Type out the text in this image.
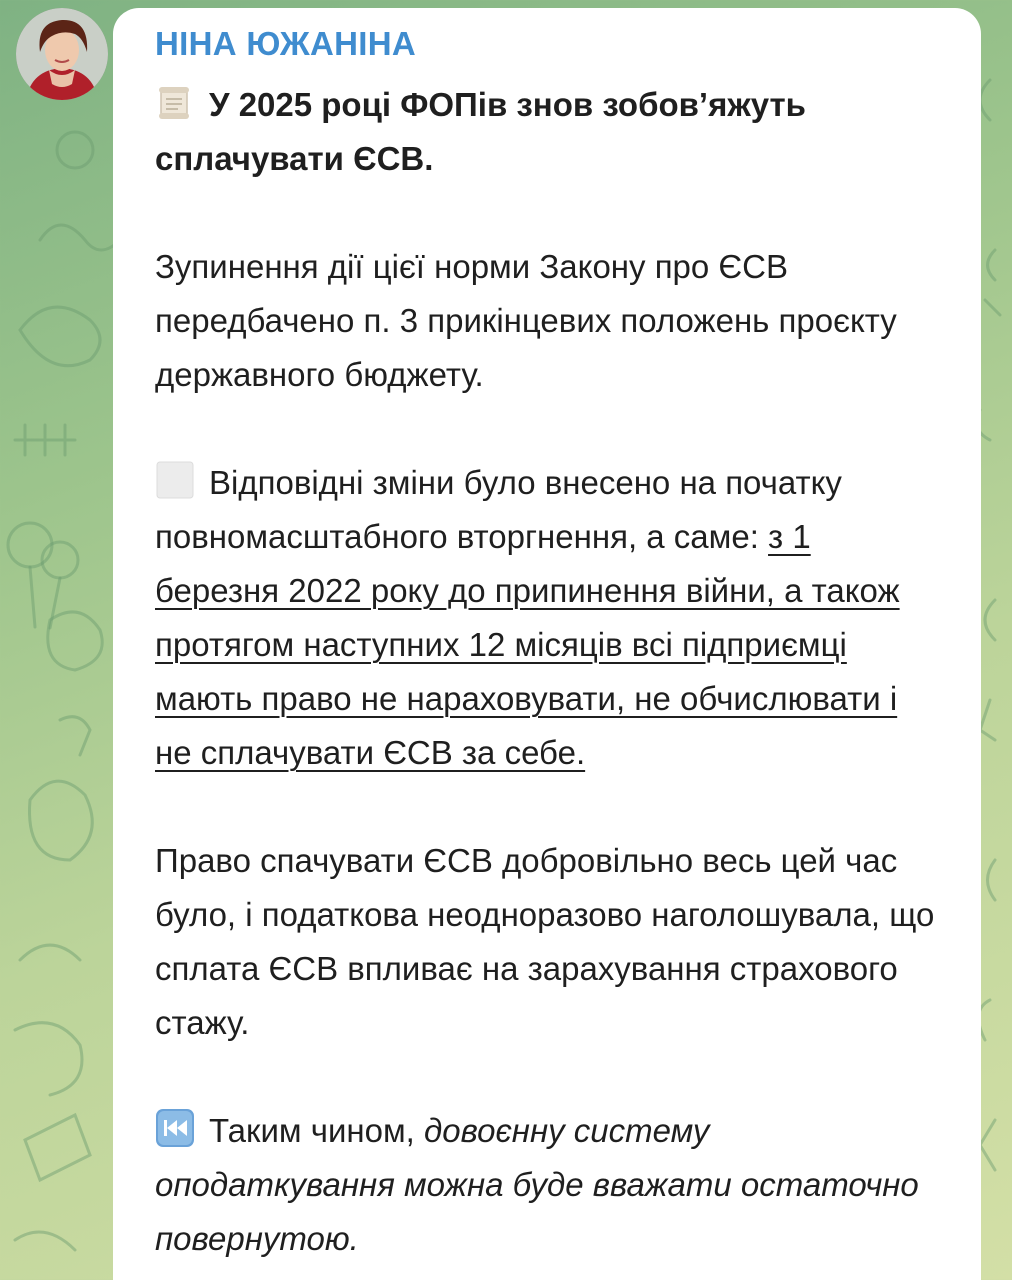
НІНА ЮЖАНІНА

У 2025 році ФОПів знов зобов’яжуть сплачувати ЄСВ.

Зупинення дії цієї норми Закону про ЄСВ передбачено п. 3 прикінцевих положень проєкту державного бюджету.

Відповідні зміни було внесено на початку повномасштабного вторгнення, а саме: з 1 березня 2022 року до припинення війни, а також протягом наступних 12 місяців всі підприємці мають право не нараховувати, не обчислювати і не сплачувати ЄСВ за себе.

Право спачувати ЄСВ добровільно весь цей час було, і податкова неодноразово наголошувала, що сплата ЄСВ впливає на зарахування страхового стажу.

Таким чином, довоєнну систему оподаткування можна буде вважати остаточно повернутою.
